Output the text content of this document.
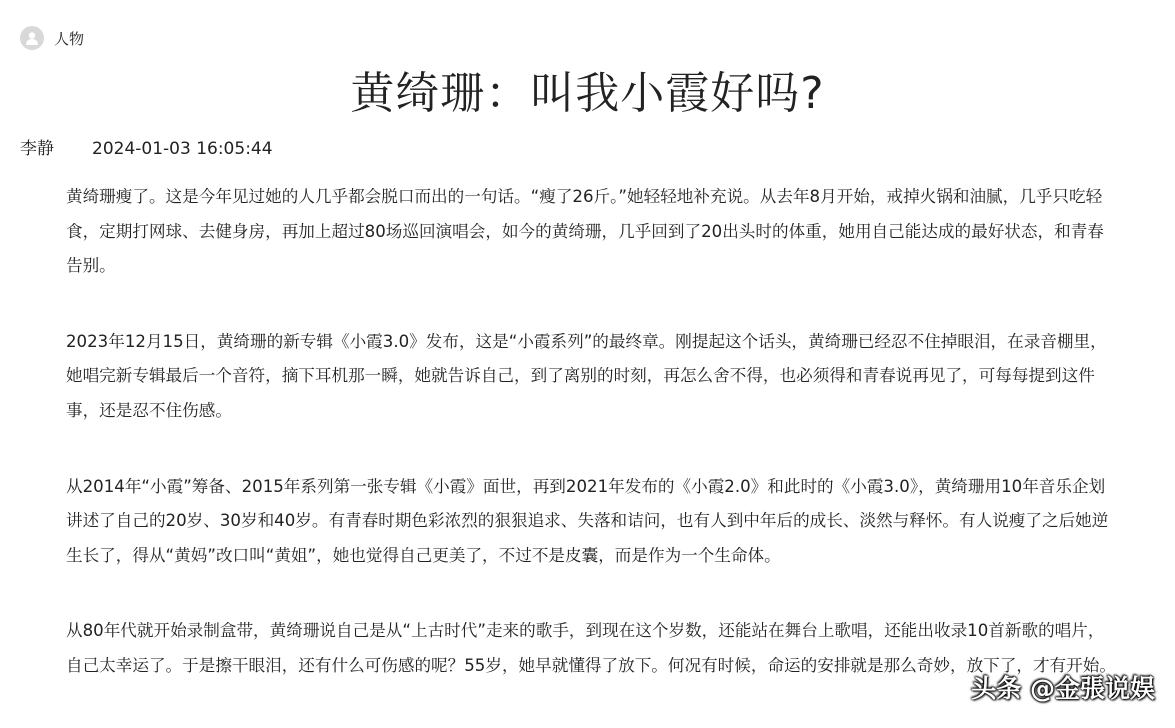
人物
黄绮珊：叫我小霞好吗?
李静 2024-01-03 16:05:44

黄绮珊瘦了。这是今年见过她的人几乎都会脱口而出的一句话。“瘦了26斤。”她轻轻地补充说。从去年8月开始，戒掉火锅和油腻，几乎只吃轻食，定期打网球、去健身房，再加上超过80场巡回演唱会，如今的黄绮珊，几乎回到了20出头时的体重，她用自己能达成的最好状态，和青春告别。

2023年12月15日，黄绮珊的新专辑《小霞3.0》发布，这是“小霞系列”的最终章。刚提起这个话头，黄绮珊已经忍不住掉眼泪，在录音棚里，她唱完新专辑最后一个音符，摘下耳机那一瞬，她就告诉自己，到了离别的时刻，再怎么舍不得，也必须得和青春说再见了，可每每提到这件事，还是忍不住伤感。

从2014年“小霞”筹备、2015年系列第一张专辑《小霞》面世，再到2021年发布的《小霞2.0》和此时的《小霞3.0》，黄绮珊用10年音乐企划讲述了自己的20岁、30岁和40岁。有青春时期色彩浓烈的狠狠追求、失落和诘问，也有人到中年后的成长、淡然与释怀。有人说瘦了之后她逆生长了，得从“黄妈”改口叫“黄姐”，她也觉得自己更美了，不过不是皮囊，而是作为一个生命体。

从80年代就开始录制盒带，黄绮珊说自己是从“上古时代”走来的歌手，到现在这个岁数，还能站在舞台上歌唱，还能出收录10首新歌的唱片，自己太幸运了。于是擦干眼泪，还有什么可伤感的呢？55岁，她早就懂得了放下。何况有时候，命运的安排就是那么奇妙，放下了，才有开始。

头条 @金張说娱
